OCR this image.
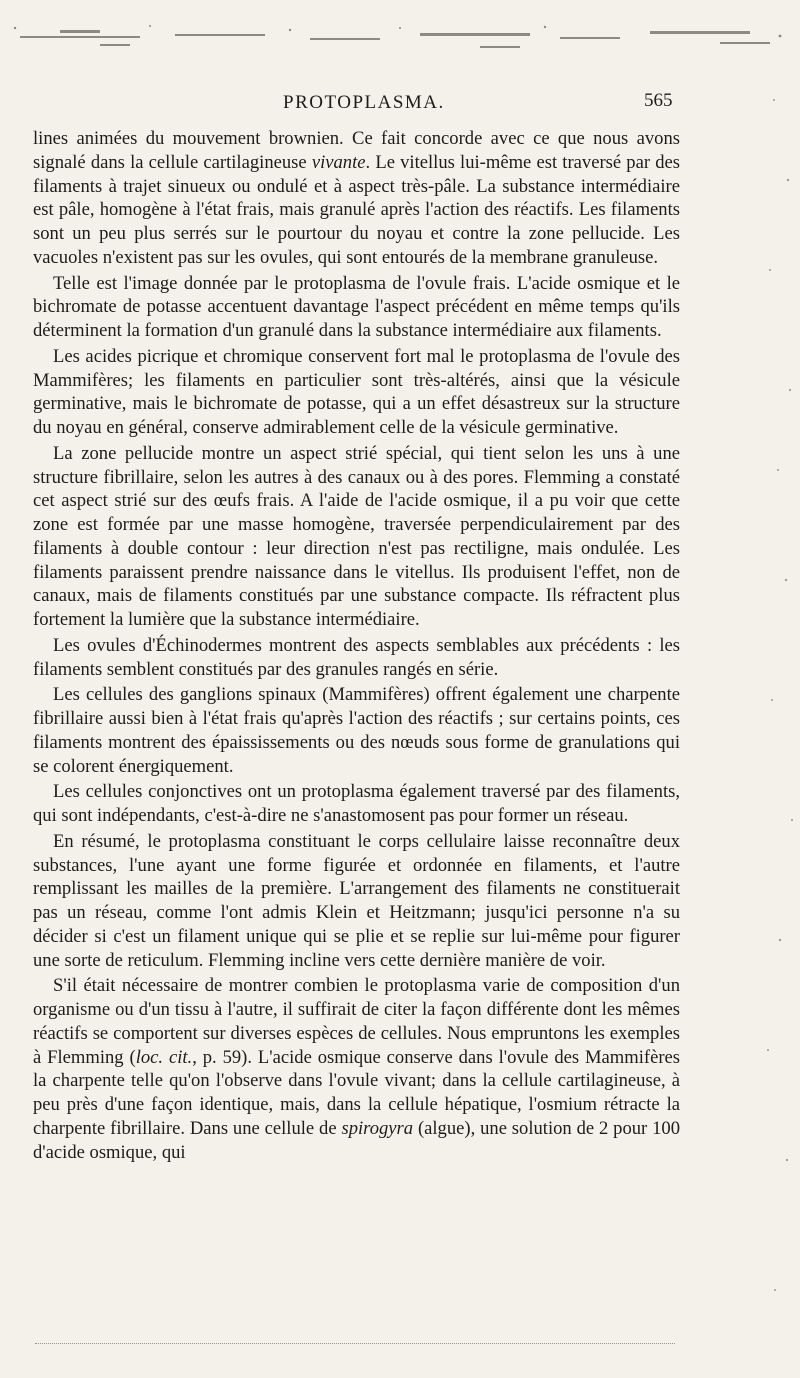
PROTOPLASMA.	565

lines animées du mouvement brownien. Ce fait concorde avec ce que nous avons signalé dans la cellule cartilagineuse vivante. Le vitellus lui-même est traversé par des filaments à trajet sinueux ou ondulé et à aspect très-pâle. La substance intermédiaire est pâle, homogène à l'état frais, mais granulé après l'action des réactifs. Les filaments sont un peu plus serrés sur le pourtour du noyau et contre la zone pellucide. Les vacuoles n'existent pas sur les ovules, qui sont entourés de la membrane granuleuse.

Telle est l'image donnée par le protoplasma de l'ovule frais. L'acide osmique et le bichromate de potasse accentuent davantage l'aspect précédent en même temps qu'ils déterminent la formation d'un granulé dans la substance intermédiaire aux filaments.

Les acides picrique et chromique conservent fort mal le protoplasma de l'ovule des Mammifères; les filaments en particulier sont très-altérés, ainsi que la vésicule germinative, mais le bichromate de potasse, qui a un effet désastreux sur la structure du noyau en général, conserve admirablement celle de la vésicule germinative.

La zone pellucide montre un aspect strié spécial, qui tient selon les uns à une structure fibrillaire, selon les autres à des canaux ou à des pores. Flemming a constaté cet aspect strié sur des œufs frais. A l'aide de l'acide osmique, il a pu voir que cette zone est formée par une masse homogène, traversée perpendiculairement par des filaments à double contour : leur direction n'est pas rectiligne, mais ondulée. Les filaments paraissent prendre naissance dans le vitellus. Ils produisent l'effet, non de canaux, mais de filaments constitués par une substance compacte. Ils réfractent plus fortement la lumière que la substance intermédiaire.

Les ovules d'Échinodermes montrent des aspects semblables aux précédents : les filaments semblent constitués par des granules rangés en série.

Les cellules des ganglions spinaux (Mammifères) offrent également une charpente fibrillaire aussi bien à l'état frais qu'après l'action des réactifs ; sur certains points, ces filaments montrent des épaississements ou des nœuds sous forme de granulations qui se colorent énergiquement.

Les cellules conjonctives ont un protoplasma également traversé par des filaments, qui sont indépendants, c'est-à-dire ne s'anastomosent pas pour former un réseau.

En résumé, le protoplasma constituant le corps cellulaire laisse reconnaître deux substances, l'une ayant une forme figurée et ordonnée en filaments, et l'autre remplissant les mailles de la première. L'arrangement des filaments ne constituerait pas un réseau, comme l'ont admis Klein et Heitzmann; jusqu'ici personne n'a su décider si c'est un filament unique qui se plie et se replie sur lui-même pour figurer une sorte de reticulum. Flemming incline vers cette dernière manière de voir.

S'il était nécessaire de montrer combien le protoplasma varie de composition d'un organisme ou d'un tissu à l'autre, il suffirait de citer la façon différente dont les mêmes réactifs se comportent sur diverses espèces de cellules. Nous empruntons les exemples à Flemming (loc. cit., p. 59). L'acide osmique conserve dans l'ovule des Mammifères la charpente telle qu'on l'observe dans l'ovule vivant; dans la cellule cartilagineuse, à peu près d'une façon identique, mais, dans la cellule hépatique, l'osmium rétracte la charpente fibrillaire. Dans une cellule de spirogyra (algue), une solution de 2 pour 100 d'acide osmique, qui
